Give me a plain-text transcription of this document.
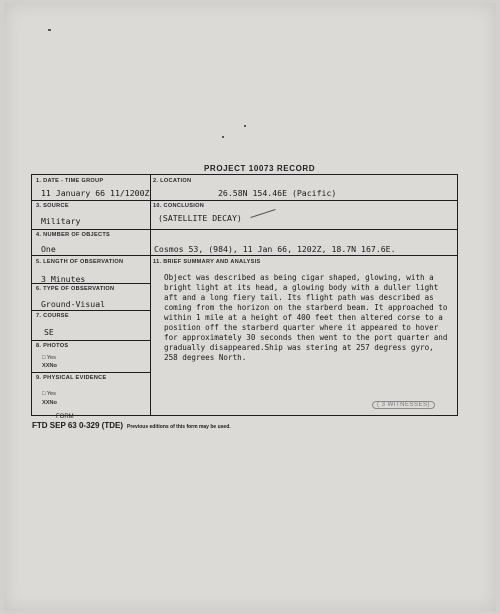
PROJECT 10073 RECORD
1. DATE - TIME GROUP
11 January 66 11/1200Z
2. LOCATION
26.58N 154.46E (Pacific)
3. SOURCE
Military
10. CONCLUSION
(SATELLITE DECAY)
4. NUMBER OF OBJECTS
One	Cosmos 53, (984), 11 Jan 66, 1202Z, 18.7N 167.6E.
5. LENGTH OF OBSERVATION
3 Minutes
11. BRIEF SUMMARY AND ANALYSIS
6. TYPE OF OBSERVATION
Ground-Visual
7. COURSE
SE
8. PHOTOS
□ Yes
XXNo
9. PHYSICAL EVIDENCE
□ Yes
XXNo
Object was described as being cigar shaped, glowing, with a
bright light at its head, a glowing body with a duller light
aft and a long fiery tail. Its flight path was described as
coming from the horizon on the starberd beam. It approached to
within 1 mile at a height of 400 feet then altered corse to a
position off the starberd quarter where it appeared to hover
for approximately 30 seconds then went to the port quarter and
gradually disappeared.Ship was stering at 257 degress gyro,
258 degrees North.
( 3 WITNESSES)
FORM
FTD SEP 63 0-329 (TDE) Previous editions of this form may be used.
